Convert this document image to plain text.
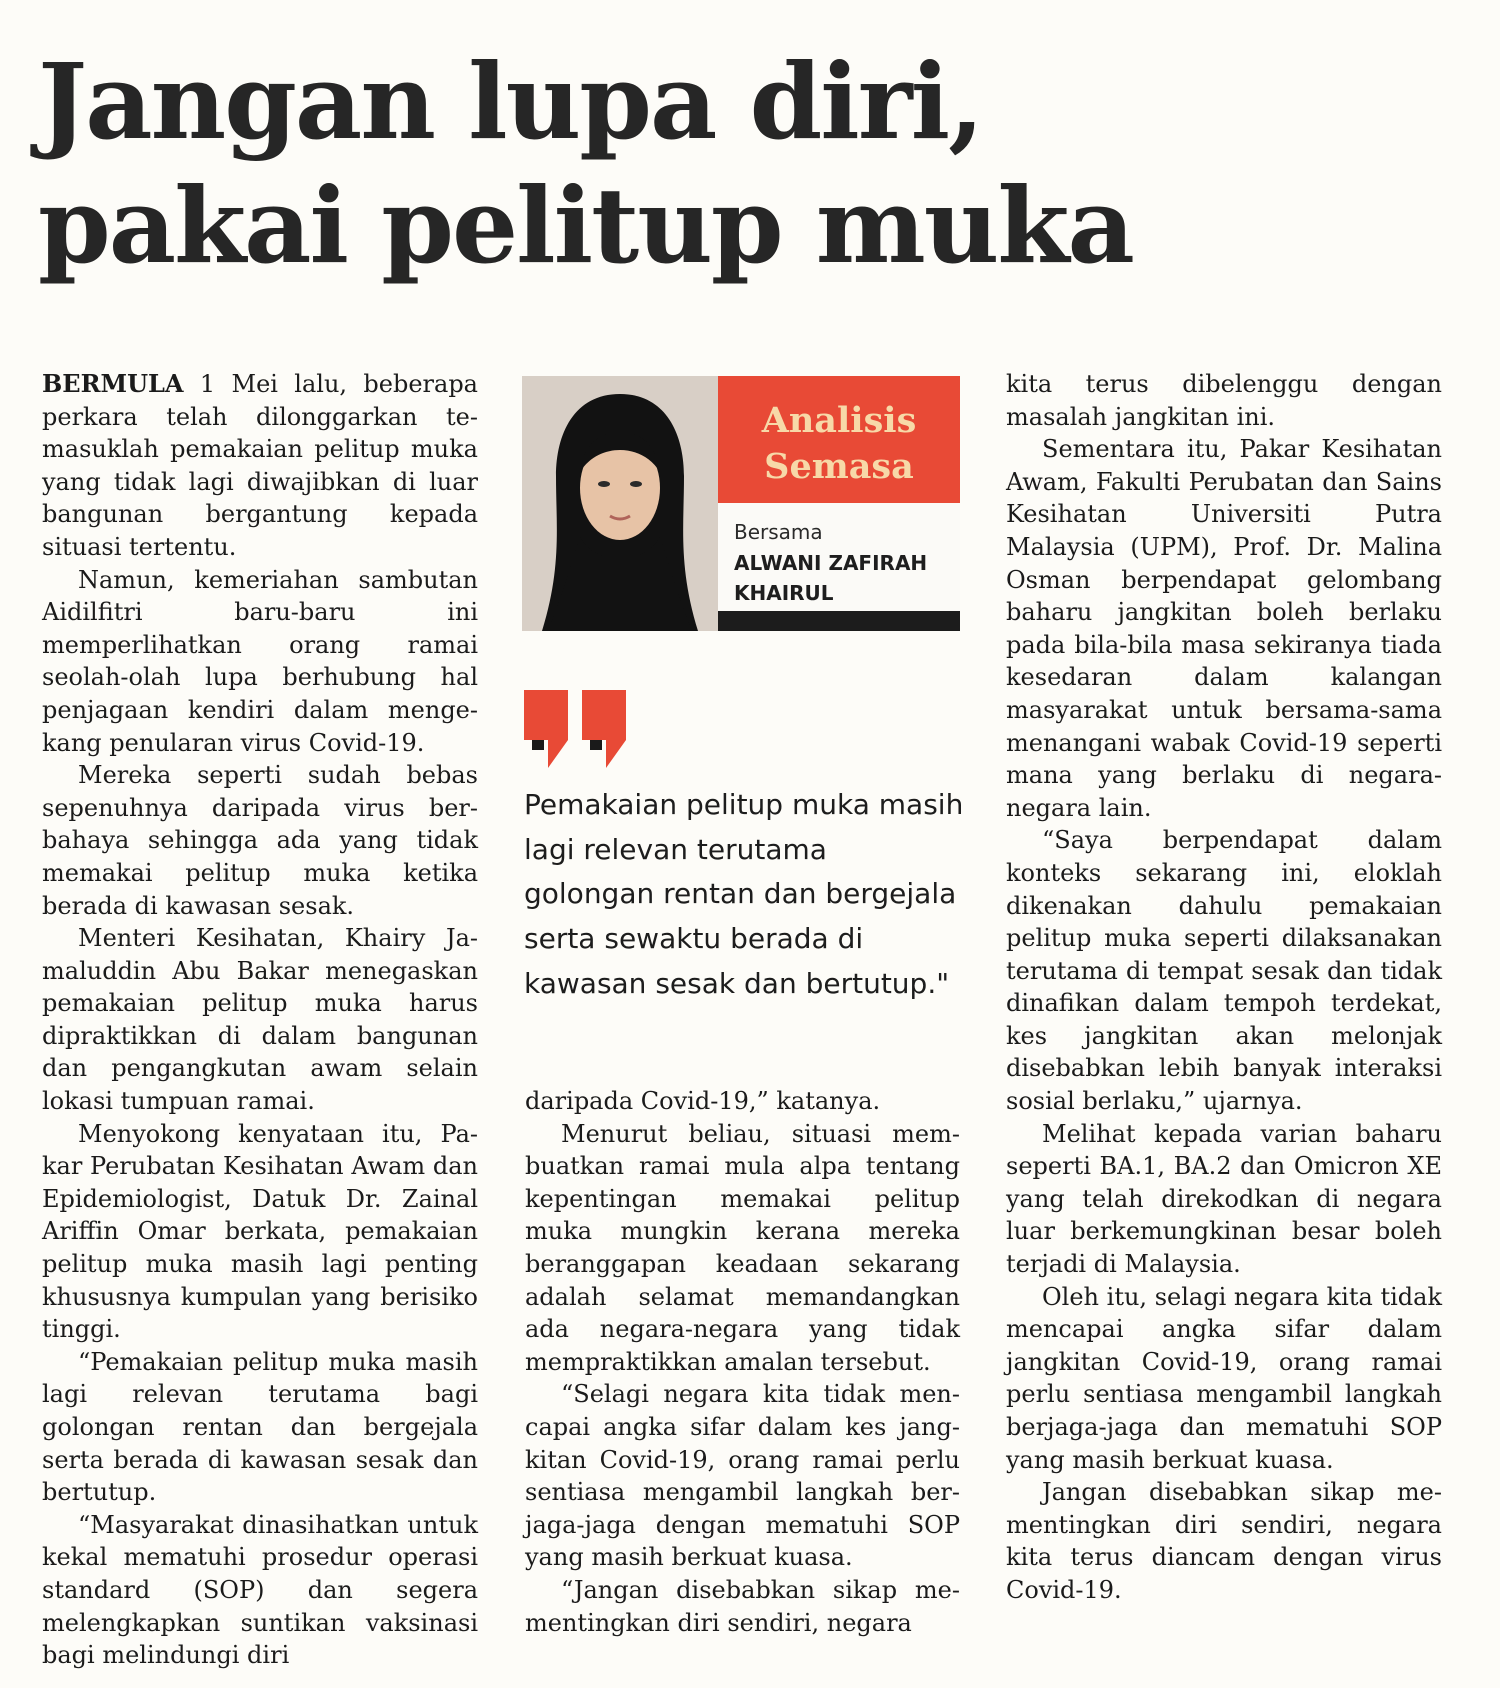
Jangan lupa diri,
pakai pelitup muka

BERMULA 1 Mei lalu, beberapa perkara telah dilonggarkan temasuklah pemakaian pelitup muka yang tidak lagi diwajibkan di luar bangunan bergantung kepada situasi tertentu.

Namun, kemeriahan sambutan Aidilfitri baru-baru ini memperlihatkan orang ramai seolah-olah lupa berhubung hal penjagaan kendiri dalam mengekang penularan virus Covid-19.

Mereka seperti sudah bebas sepenuhnya daripada virus berbahaya sehingga ada yang tidak memakai pelitup muka ketika berada di kawasan sesak.

Menteri Kesihatan, Khairy Jamaluddin Abu Bakar menegaskan pemakaian pelitup muka harus dipraktikkan di dalam bangunan dan pengangkutan awam selain lokasi tumpuan ramai.

Menyokong kenyataan itu, Pakar Perubatan Kesihatan Awam dan Epidemiologist, Datuk Dr. Zainal Ariffin Omar berkata, pemakaian pelitup muka masih lagi penting khususnya kumpulan yang berisiko tinggi.

“Pemakaian pelitup muka masih lagi relevan terutama bagi golongan rentan dan bergejala serta berada di kawasan sesak dan bertutup.

“Masyarakat dinasihatkan untuk kekal mematuhi prosedur operasi standard (SOP) dan segera melengkapkan suntikan vaksinasi bagi melindungi diri

Analisis
Semasa
Bersama
ALWANI ZAFIRAH
KHAIRUL
Pemakaian pelitup muka masih lagi relevan terutama golongan rentan dan bergejala serta sewaktu berada di kawasan sesak dan bertutup."

daripada Covid-19,” katanya.

Menurut beliau, situasi membuatkan ramai mula alpa tentang kepentingan memakai pelitup muka mungkin kerana mereka beranggapan keadaan sekarang adalah selamat memandangkan ada negara-negara yang tidak mempraktikkan amalan tersebut.

“Selagi negara kita tidak mencapai angka sifar dalam kes jangkitan Covid-19, orang ramai perlu sentiasa mengambil langkah berjaga-jaga dengan mematuhi SOP yang masih berkuat kuasa.

“Jangan disebabkan sikap mementingkan diri sendiri, negara

kita terus dibelenggu dengan masalah jangkitan ini.

Sementara itu, Pakar Kesihatan Awam, Fakulti Perubatan dan Sains Kesihatan Universiti Putra Malaysia (UPM), Prof. Dr. Malina Osman berpendapat gelombang baharu jangkitan boleh berlaku pada bila-bila masa sekiranya tiada kesedaran dalam kalangan masyarakat untuk bersama-sama menangani wabak Covid-19 seperti mana yang berlaku di negara-negara lain.

“Saya berpendapat dalam konteks sekarang ini, eloklah dikenakan dahulu pemakaian pelitup muka seperti dilaksanakan terutama di tempat sesak dan tidak dinafikan dalam tempoh terdekat, kes jangkitan akan melonjak disebabkan lebih banyak interaksi sosial berlaku,” ujarnya.

Melihat kepada varian baharu seperti BA.1, BA.2 dan Omicron XE yang telah direkodkan di negara luar berkemungkinan besar boleh terjadi di Malaysia.

Oleh itu, selagi negara kita tidak mencapai angka sifar dalam jangkitan Covid-19, orang ramai perlu sentiasa mengambil langkah berjaga-jaga dan mematuhi SOP yang masih berkuat kuasa.

Jangan disebabkan sikap mementingkan diri sendiri, negara kita terus diancam dengan virus Covid-19.
